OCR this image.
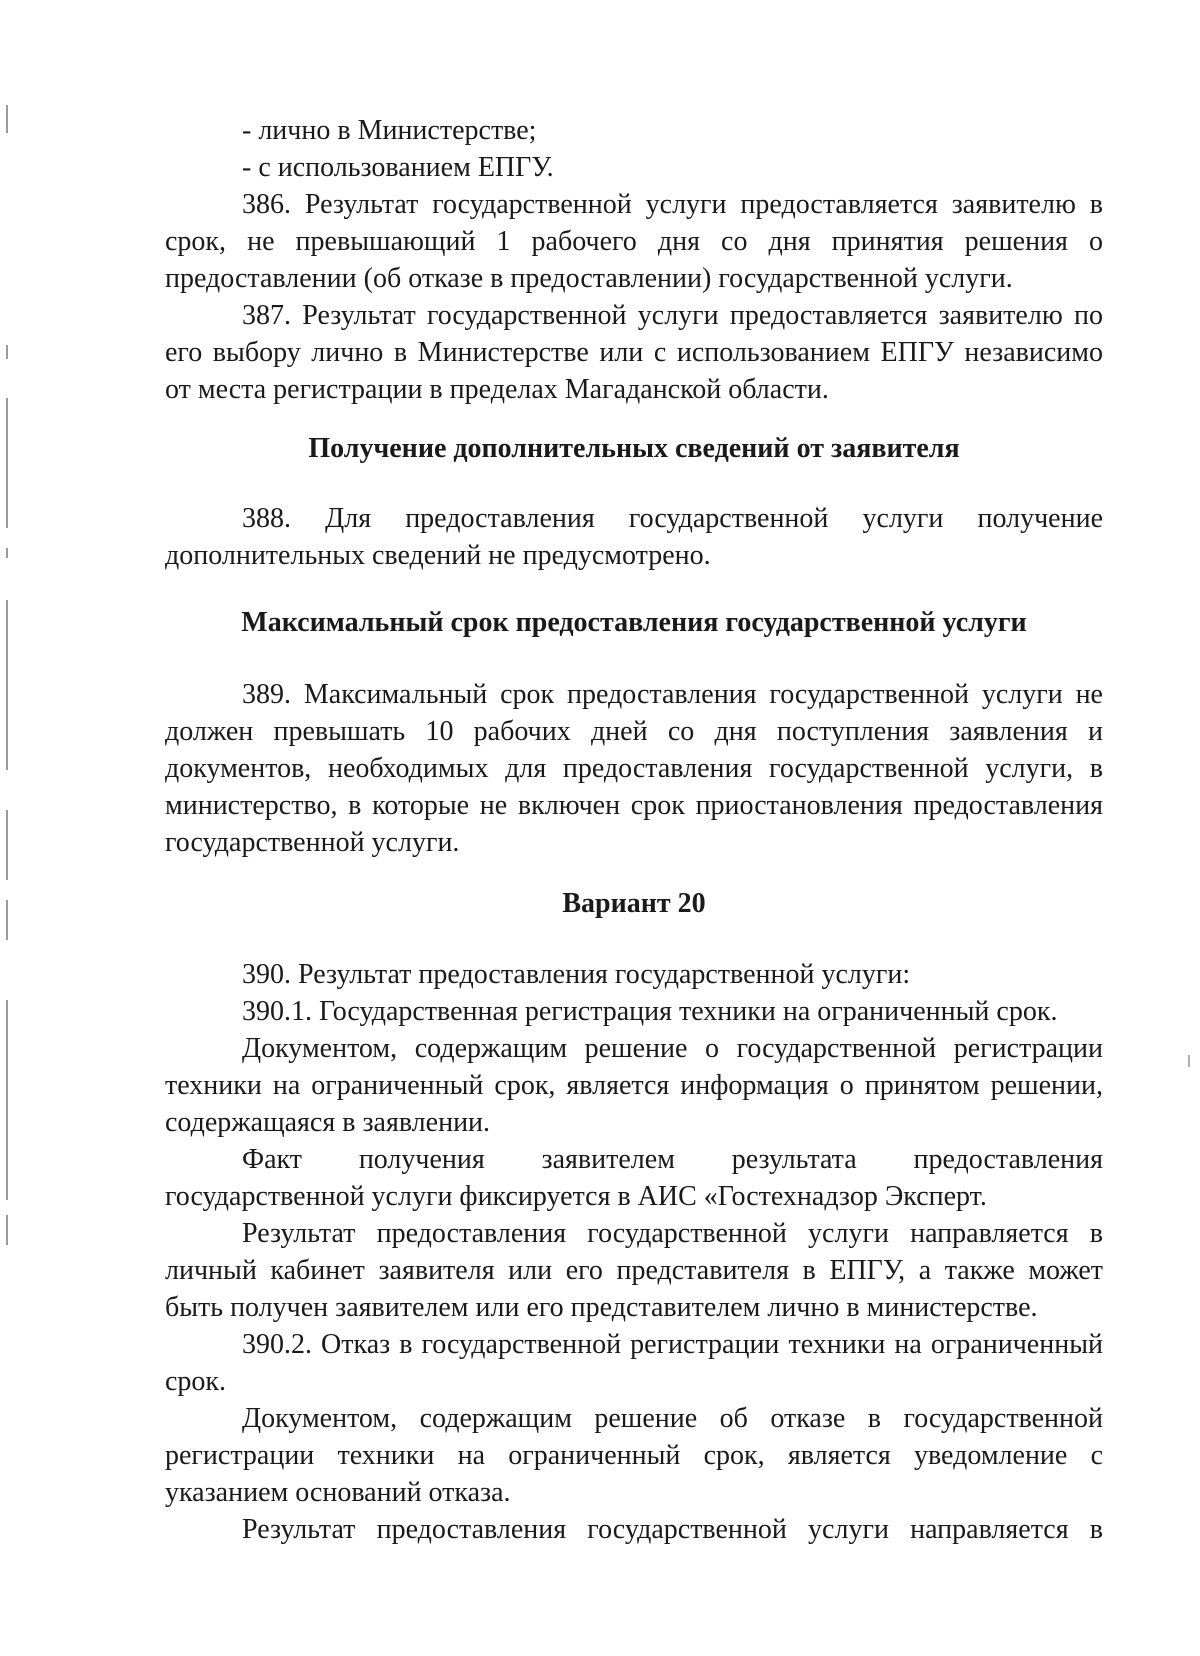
- лично в Министерстве;
- с использованием ЕПГУ.
386. Результат государственной услуги предоставляется заявителю в
срок, не превышающий 1 рабочего дня со дня принятия решения о
предоставлении (об отказе в предоставлении) государственной услуги.
387. Результат государственной услуги предоставляется заявителю по
его выбору лично в Министерстве или с использованием ЕПГУ независимо
от места регистрации в пределах Магаданской области.
Получение дополнительных сведений от заявителя
388. Для предоставления государственной услуги получение
дополнительных сведений не предусмотрено.
Максимальный срок предоставления государственной услуги
389. Максимальный срок предоставления государственной услуги не
должен превышать 10 рабочих дней со дня поступления заявления и
документов, необходимых для предоставления государственной услуги, в
министерство, в которые не включен срок приостановления предоставления
государственной услуги.
Вариант 20
390. Результат предоставления государственной услуги:
390.1. Государственная регистрация техники на ограниченный срок.
Документом, содержащим решение о государственной регистрации
техники на ограниченный срок, является информация о принятом решении,
содержащаяся в заявлении.
Факт получения заявителем результата предоставления
государственной услуги фиксируется в АИС «Гостехнадзор Эксперт.
Результат предоставления государственной услуги направляется в
личный кабинет заявителя или его представителя в ЕПГУ, а также может
быть получен заявителем или его представителем лично в министерстве.
390.2. Отказ в государственной регистрации техники на ограниченный
срок.
Документом, содержащим решение об отказе в государственной
регистрации техники на ограниченный срок, является уведомление с
указанием оснований отказа.
Результат предоставления государственной услуги направляется в
